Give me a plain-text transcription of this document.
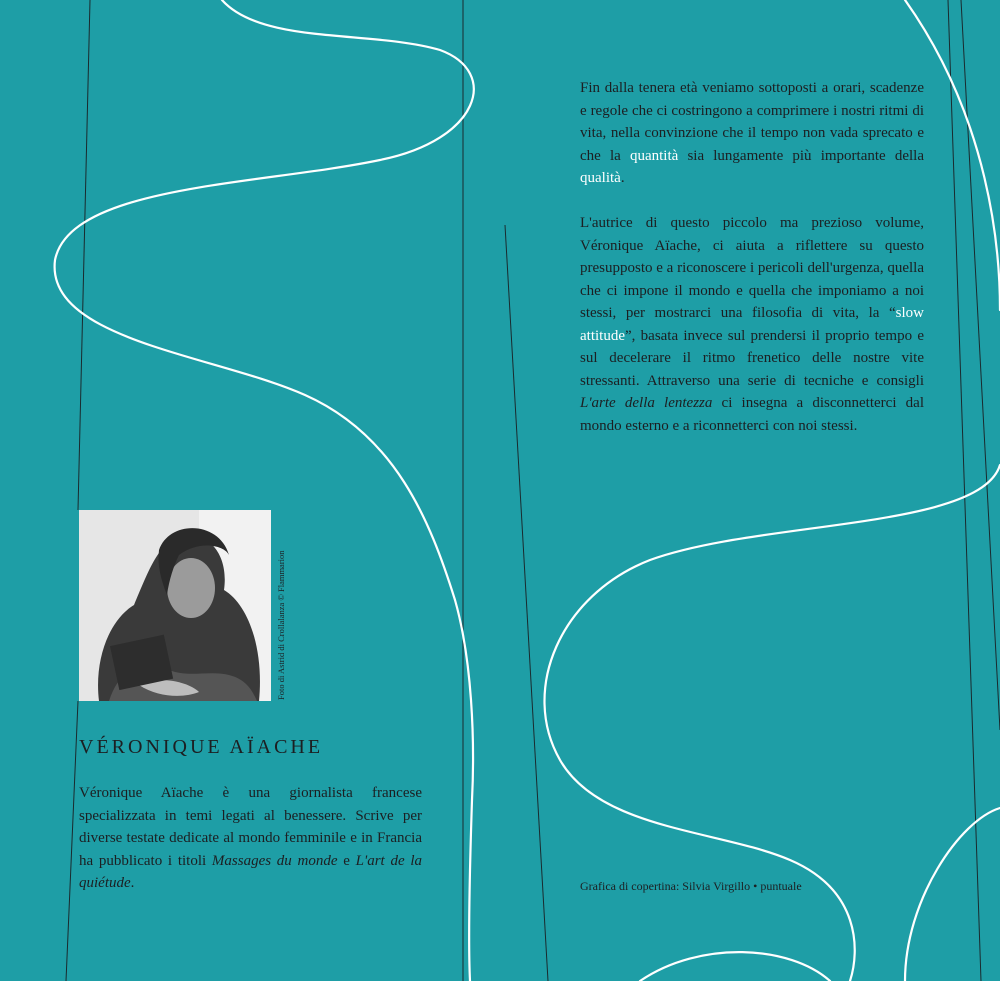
Foto di Astrid di Crollalanza © Flammarion
VÉRONIQUE AÏACHE

Véronique Aïache è una giornalista francese specializzata in temi legati al benessere. Scrive per diverse testate dedicate al mondo femminile e in Francia ha pubblicato i titoli Massages du monde e L'art de la quiétude.

Fin dalla tenera età veniamo sottoposti a orari, scadenze e regole che ci costringono a comprimere i nostri ritmi di vita, nella convinzione che il tempo non vada sprecato e che la quantità sia lungamente più importante della qualità.

L'autrice di questo piccolo ma prezioso volume, Véronique Aïache, ci aiuta a riflettere su questo presupposto e a riconoscere i pericoli dell'urgenza, quella che ci impone il mondo e quella che imponiamo a noi stessi, per mostrarci una filosofia di vita, la “slow attitude”, basata invece sul prendersi il proprio tempo e sul decelerare il ritmo frenetico delle nostre vite stressanti. Attraverso una serie di tecniche e consigli L'arte della lentezza ci insegna a disconnetterci dal mondo esterno e a riconnetterci con noi stessi.

Grafica di copertina: Silvia Virgillo • puntuale
